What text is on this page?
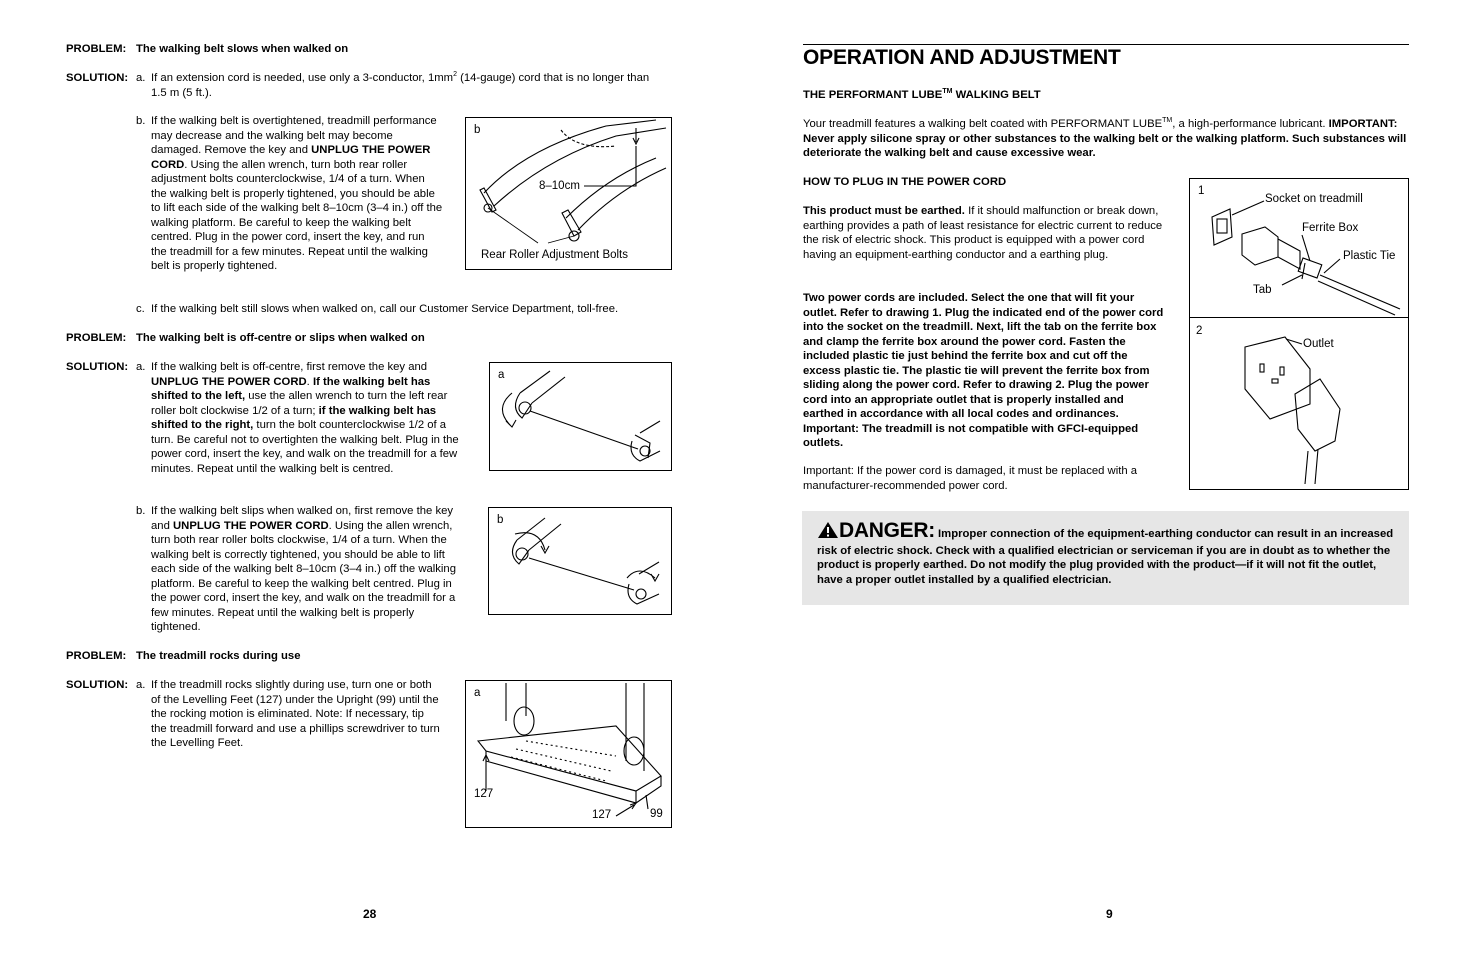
PROBLEM: The walking belt slows when walked on
SOLUTION: a. If an extension cord is needed, use only a 3-conductor, $1mm^2$ (14-gauge) cord that is no longer than 1.5 m (5 ft.).
b. If the walking belt is overtightened, treadmill performance may decrease and the walking belt may become damaged. Remove the key and UNPLUG THE POWER CORD. Using the allen wrench, turn both rear roller adjustment bolts counterclockwise, 1/4 of a turn. When the walking belt is properly tightened, you should be able to lift each side of the walking belt 8–10cm (3–4 in.) off the walking platform. Be careful to keep the walking belt centred. Plug in the power cord, insert the key, and run the treadmill for a few minutes. Repeat until the walking belt is properly tightened.
b
8–10cm
Rear Roller Adjustment Bolts
c. If the walking belt still slows when walked on, call our Customer Service Department, toll-free.
PROBLEM: The walking belt is off-centre or slips when walked on
SOLUTION: a. If the walking belt is off-centre, first remove the key and UNPLUG THE POWER CORD. If the walking belt has shifted to the left, use the allen wrench to turn the left rear roller bolt clockwise 1/2 of a turn; if the walking belt has shifted to the right, turn the bolt counterclockwise 1/2 of a turn. Be careful not to overtighten the walking belt. Plug in the power cord, insert the key, and walk on the treadmill for a few minutes. Repeat until the walking belt is centred.
a
b. If the walking belt slips when walked on, first remove the key and UNPLUG THE POWER CORD. Using the allen wrench, turn both rear roller bolts clockwise, 1/4 of a turn. When the walking belt is correctly tightened, you should be able to lift each side of the walking belt 8–10cm (3–4 in.) off the walking platform. Be careful to keep the walking belt centred. Plug in the power cord, insert the key, and walk on the treadmill for a few minutes. Repeat until the walking belt is properly tightened.
b
PROBLEM: The treadmill rocks during use
SOLUTION: a. If the treadmill rocks slightly during use, turn one or both of the Levelling Feet (127) under the Upright (99) until the the rocking motion is eliminated. Note: If necessary, tip the treadmill forward and use a phillips screwdriver to turn the Levelling Feet.
a
127
127	99
28
OPERATION AND ADJUSTMENT
THE PERFORMANT LUBE™ WALKING BELT
Your treadmill features a walking belt coated with PERFORMANT LUBE™, a high-performance lubricant. IMPORTANT: Never apply silicone spray or other substances to the walking belt or the walking platform. Such substances will deteriorate the walking belt and cause excessive wear.
HOW TO PLUG IN THE POWER CORD
This product must be earthed. If it should malfunction or break down, earthing provides a path of least resistance for electric current to reduce the risk of electric shock. This product is equipped with a power cord having an equipment-earthing conductor and a earthing plug.
Two power cords are included. Select the one that will fit your outlet. Refer to drawing 1. Plug the indicated end of the power cord into the socket on the treadmill. Next, lift the tab on the ferrite box and clamp the ferrite box around the power cord. Fasten the included plastic tie just behind the ferrite box and cut off the excess plastic tie. The plastic tie will prevent the ferrite box from sliding along the power cord. Refer to drawing 2. Plug the power cord into an appropriate outlet that is properly installed and earthed in accordance with all local codes and ordinances. Important: The treadmill is not compatible with GFCI-equipped outlets.
Important: If the power cord is damaged, it must be replaced with a manufacturer-recommended power cord.
1
Socket on treadmill
Ferrite Box
Plastic Tie
Tab
2
Outlet
DANGER: Improper connection of the equipment-earthing conductor can result in an increased risk of electric shock. Check with a qualified electrician or serviceman if you are in doubt as to whether the product is properly earthed. Do not modify the plug provided with the product—if it will not fit the outlet, have a proper outlet installed by a qualified electrician.
9
